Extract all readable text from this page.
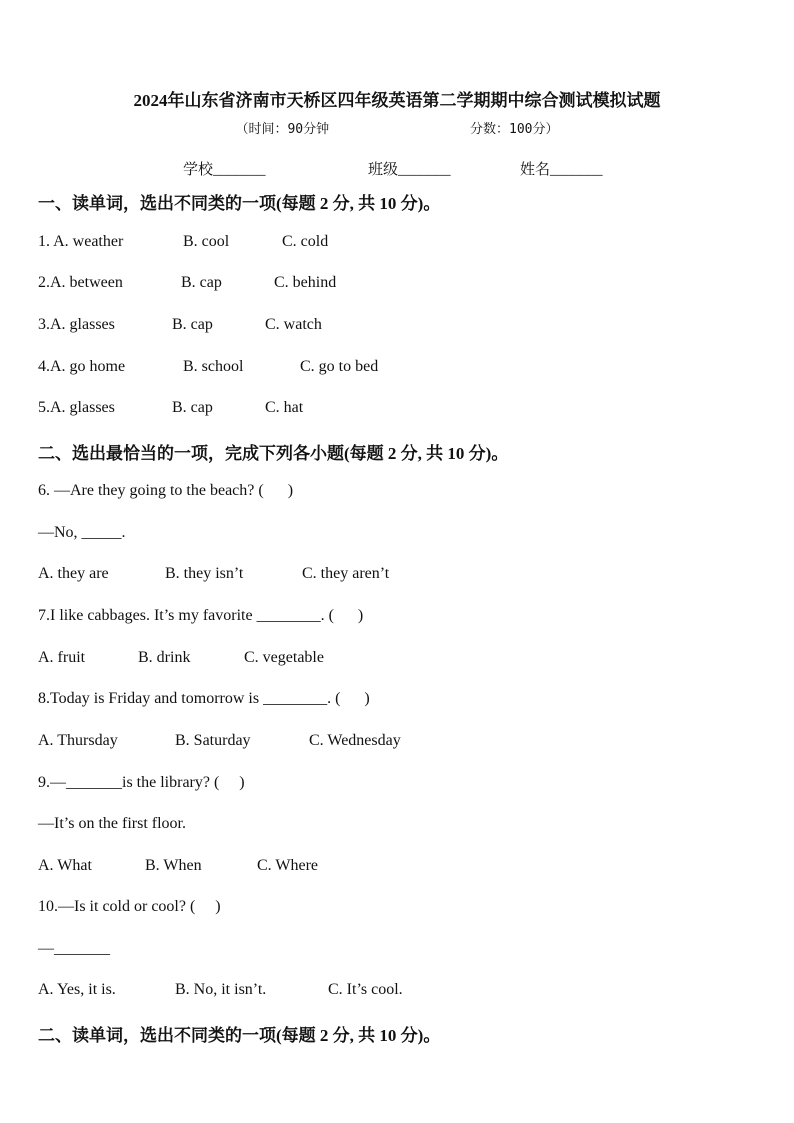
2024年山东省济南市天桥区四年级英语第二学期期中综合测试模拟试题
（时间：90分钟                  分数：100分）
学校_______	班级_______	姓名_______
一、读单词，选出不同类的一项(每题 2 分, 共 10 分)。
1. A. weather	B. cool	C. cold
2.A. between	B. cap	C. behind
3.A. glasses	B. cap	C. watch
4.A. go home	B. school	C. go to bed
5.A. glasses	B. cap	C. hat
二、选出最恰当的一项，完成下列各小题(每题 2 分, 共 10 分)。
6. —Are they going to the beach? (      )
—No, _____.
A. they are	B. they isn’t	C. they aren’t
7.I like cabbages. It’s my favorite ________. (      )
A. fruit	B. drink	C. vegetable
8.Today is Friday and tomorrow is ________. (      )
A. Thursday	B. Saturday	C. Wednesday
9.—_______is the library? (     )
—It’s on the first floor.
A. What	B. When	C. Where
10.—Is it cold or cool? (     )
—_______
A. Yes, it is.	B. No, it isn’t.	C. It’s cool.
二、读单词，选出不同类的一项(每题 2 分, 共 10 分)。
